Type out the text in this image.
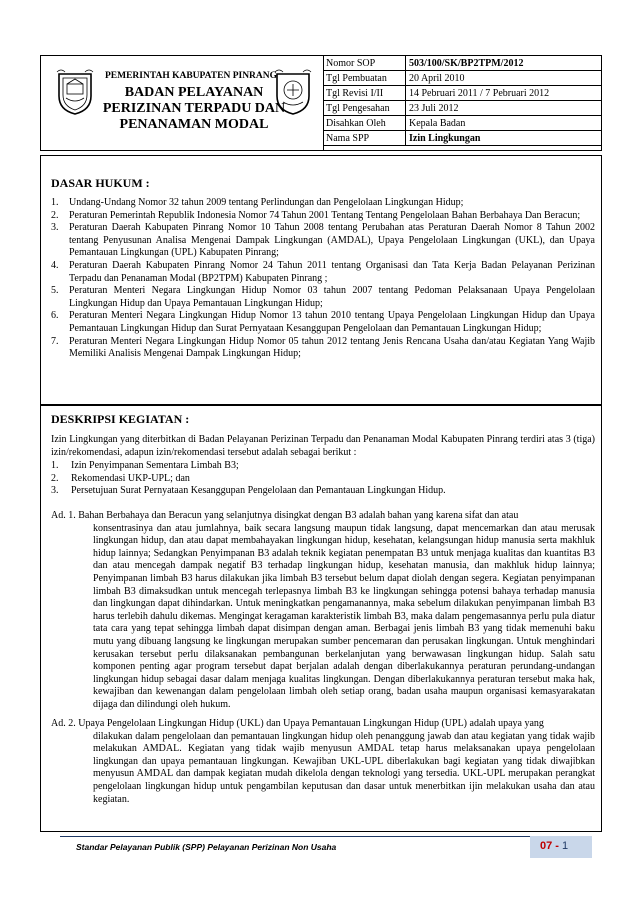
PEMERINTAH KABUPATEN PINRANG
BADAN PELAYANAN
PERIZINAN TERPADU DAN
PENANAMAN MODAL
Nomor SOP	503/100/SK/BP2TPM/2012
Tgl Pembuatan	20 April 2010
Tgl Revisi I/II	14 Pebruari 2011 / 7 Pebruari 2012
Tgl Pengesahan	23 Juli 2012
Disahkan Oleh	Kepala Badan
Nama SPP	Izin Lingkungan
DASAR HUKUM :
1. Undang-Undang Nomor 32 tahun 2009 tentang Perlindungan dan Pengelolaan Lingkungan Hidup;
2. Peraturan Pemerintah Republik Indonesia Nomor 74 Tahun 2001 Tentang Tentang Pengelolaan Bahan Berbahaya Dan Beracun;
3. Peraturan Daerah Kabupaten Pinrang Nomor 10 Tahun 2008 tentang Perubahan atas Peraturan Daerah Nomor 8 Tahun 2002 tentang Penyusunan Analisa Mengenai Dampak Lingkungan (AMDAL), Upaya Pengelolaan Lingkungan (UKL), dan Upaya Pemantauan Lingkungan (UPL) Kabupaten Pinrang;
4. Peraturan Daerah Kabupaten Pinrang Nomor 24 Tahun 2011 tentang Organisasi dan Tata Kerja Badan Pelayanan Perizinan Terpadu dan Penanaman Modal (BP2TPM) Kabupaten Pinrang ;
5. Peraturan Menteri Negara Lingkungan Hidup Nomor 03 tahun 2007 tentang Pedoman Pelaksanaan Upaya Pengelolaan Lingkungan Hidup dan Upaya Pemantauan Lingkungan Hidup;
6. Peraturan Menteri Negara Lingkungan Hidup Nomor 13 tahun 2010 tentang Upaya Pengelolaan Lingkungan Hidup dan Upaya Pemantauan Lingkungan Hidup dan Surat Pernyataan Kesanggupan Pengelolaan dan Pemantauan Lingkungan Hidup;
7. Peraturan Menteri Negara Lingkungan Hidup Nomor 05 tahun 2012 tentang Jenis Rencana Usaha dan/atau Kegiatan Yang Wajib Memiliki Analisis Mengenai Dampak Lingkungan Hidup;
DESKRIPSI KEGIATAN :
Izin Lingkungan yang diterbitkan di Badan Pelayanan Perizinan Terpadu dan Penanaman Modal Kabupaten Pinrang terdiri atas 3 (tiga) izin/rekomendasi, adapun izin/rekomendasi tersebut adalah sebagai berikut :
1. Izin Penyimpanan Sementara Limbah B3;
2. Rekomendasi UKP-UPL; dan
3. Persetujuan Surat Pernyataan Kesanggupan Pengelolaan dan Pemantauan Lingkungan Hidup.
Ad. 1. Bahan Berbahaya dan Beracun yang selanjutnya disingkat dengan B3 adalah bahan yang karena sifat dan atau
konsentrasinya dan atau jumlahnya, baik secara langsung maupun tidak langsung, dapat mencemarkan dan atau merusak lingkungan hidup, dan atau dapat membahayakan lingkungan hidup, kesehatan, kelangsungan hidup manusia serta makhluk hidup lainnya; Sedangkan Penyimpanan B3 adalah teknik kegiatan penempatan B3 untuk menjaga kualitas dan kuantitas B3 dan atau mencegah dampak negatif B3 terhadap lingkungan hidup, kesehatan manusia, dan makhluk hidup lainnya; Penyimpanan limbah B3 harus dilakukan jika limbah B3 tersebut belum dapat diolah dengan segera. Kegiatan penyimpanan limbah B3 dimaksudkan untuk mencegah terlepasnya limbah B3 ke lingkungan sehingga potensi bahaya terhadap manusia dan lingkungan dapat dihindarkan. Untuk meningkatkan pengamanannya, maka sebelum dilakukan penyimpanan limbah B3 harus terlebih dahulu dikemas. Mengingat keragaman karakteristik limbah B3, maka dalam pengemasannya perlu pula diatur tata cara yang tepat sehingga limbah dapat disimpan dengan aman. Berbagai jenis limbah B3 yang tidak memenuhi baku mutu yang dibuang langsung ke lingkungan merupakan sumber pencemaran dan perusakan lingkungan. Untuk menghindari kerusakan tersebut perlu dilaksanakan pembangunan berkelanjutan yang berwawasan lingkungan hidup. Salah satu komponen penting agar program tersebut dapat berjalan adalah dengan diberlakukannya peraturan perundang-undangan lingkungan hidup sebagai dasar dalam menjaga kualitas lingkungan. Dengan diberlakukannya peraturan tersebut maka hak, kewajiban dan kewenangan dalam pengelolaan limbah oleh setiap orang, badan usaha maupun organisasi kemasyarakatan dijaga dan dilindungi oleh hukum.
Ad. 2. Upaya Pengelolaan Lingkungan Hidup (UKL) dan Upaya Pemantauan Lingkungan Hidup (UPL) adalah upaya yang
dilakukan dalam pengelolaan dan pemantauan lingkungan hidup oleh penanggung jawab dan atau kegiatan yang tidak wajib melakukan AMDAL. Kegiatan yang tidak wajib menyusun AMDAL tetap harus melaksanakan upaya pengelolaan lingkungan dan upaya pemantauan lingkungan. Kewajiban UKL-UPL diberlakukan bagi kegiatan yang tidak diwajibkan menyusun AMDAL dan dampak kegiatan mudah dikelola dengan teknologi yang tersedia. UKL-UPL merupakan perangkat pengelolaan lingkungan hidup untuk pengambilan keputusan dan dasar untuk menerbitkan ijin melakukan usaha dan atau kegiatan.
Standar Pelayanan Publik (SPP) Pelayanan Perizinan Non Usaha	07 - 1
